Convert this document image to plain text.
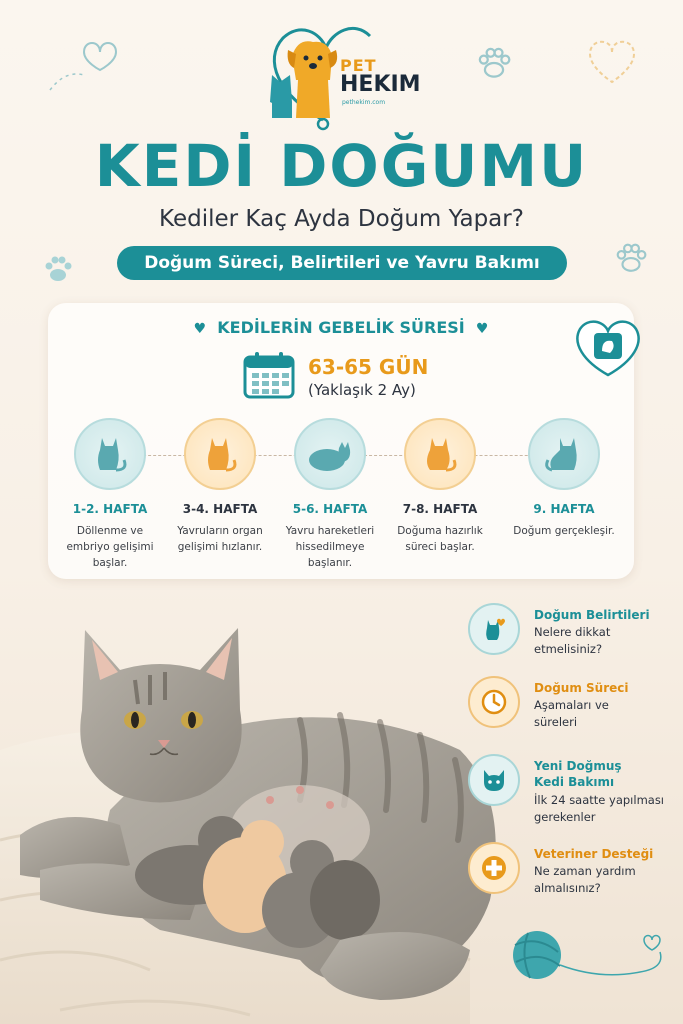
PET
HEKIM
pethekim.com
KEDİ DOĞUMU
Kediler Kaç Ayda Doğum Yapar?
Doğum Süreci, Belirtileri ve Yavru Bakımı
♥ KEDİLERİN GEBELİK SÜRESİ ♥
63-65 GÜN
(Yaklaşık 2 Ay)
1-2. HAFTA
Döllenme ve embriyo gelişimi başlar.
3-4. HAFTA
Yavruların organ gelişimi hızlanır.
5-6. HAFTA
Yavru hareketleri hissedilmeye başlanır.
7-8. HAFTA
Doğuma hazırlık süreci başlar.
9. HAFTA
Doğum gerçekleşir.
Doğum Belirtileri
Nelere dikkat etmelisiniz?
Doğum Süreci
Aşamaları ve süreleri
Yeni Doğmuş Kedi Bakımı
İlk 24 saatte yapılması gerekenler
Veteriner Desteği
Ne zaman yardım almalısınız?
